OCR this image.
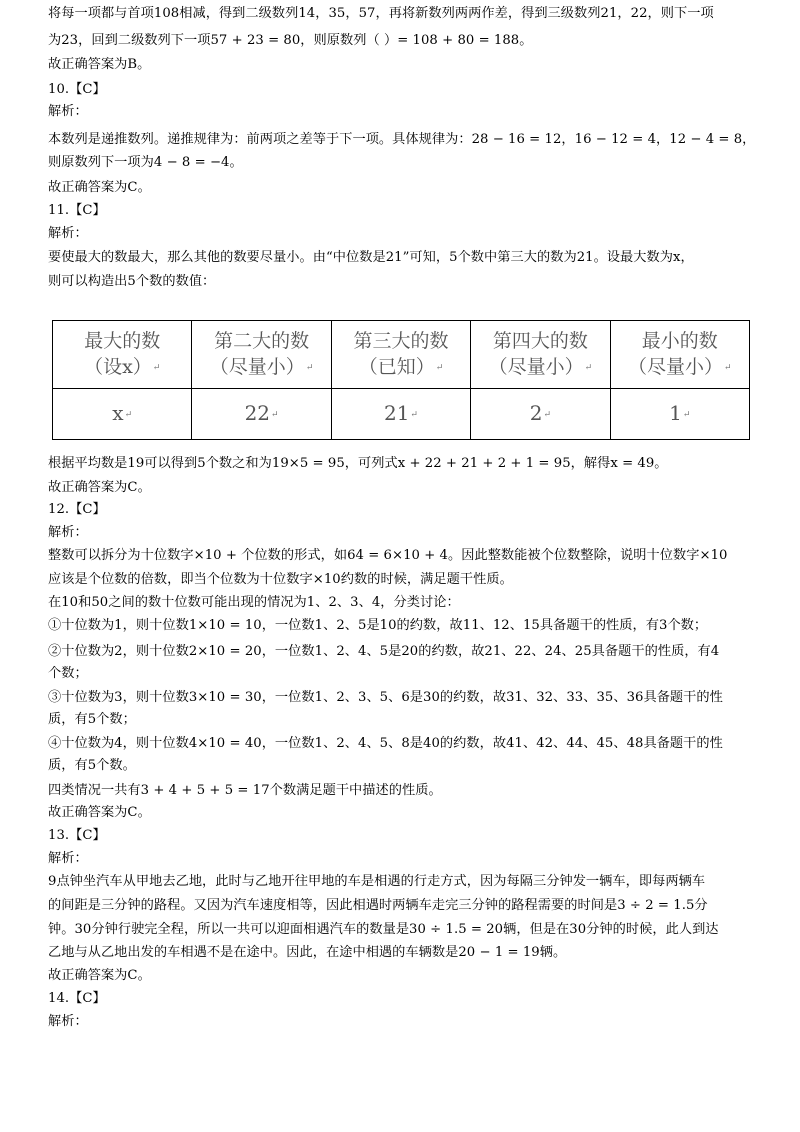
将每一项都与首项108相减，得到二级数列14，35，57，再将新数列两两作差，得到三级数列21，22，则下一项
为23，回到二级数列下一项57 + 23 = 80，则原数列（ ）= 108 + 80 = 188。
故正确答案为B。
10.【C】
解析：
本数列是递推数列。递推规律为：前两项之差等于下一项。具体规律为：28 − 16 = 12，16 − 12 = 4，12 − 4 = 8，
则原数列下一项为4 − 8 = −4。
故正确答案为C。
11.【C】
解析：
要使最大的数最大，那么其他的数要尽量小。由“中位数是21”可知，5个数中第三大的数为21。设最大数为x，
则可以构造出5个数的数值：
最大的数
（设x）↵	第二大的数
（尽量小）↵	第三大的数
（已知）↵	第四大的数
（尽量小）↵	最小的数
（尽量小）↵
x↵	22↵	21↵	2↵	1↵
根据平均数是19可以得到5个数之和为19×5 = 95，可列式x + 22 + 21 + 2 + 1 = 95，解得x = 49。
故正确答案为C。
12.【C】
解析：
整数可以拆分为十位数字×10 + 个位数的形式，如64 = 6×10 + 4。因此整数能被个位数整除，说明十位数字×10
应该是个位数的倍数，即当个位数为十位数字×10约数的时候，满足题干性质。
在10和50之间的数十位数可能出现的情况为1、2、3、4，分类讨论：
①十位数为1，则十位数1×10 = 10，一位数1、2、5是10的约数，故11、12、15具备题干的性质，有3个数；
②十位数为2，则十位数2×10 = 20，一位数1、2、4、5是20的约数，故21、22、24、25具备题干的性质，有4
个数；
③十位数为3，则十位数3×10 = 30，一位数1、2、3、5、6是30的约数，故31、32、33、35、36具备题干的性
质，有5个数；
④十位数为4，则十位数4×10 = 40，一位数1、2、4、5、8是40的约数，故41、42、44、45、48具备题干的性
质，有5个数。
四类情况一共有3 + 4 + 5 + 5 = 17个数满足题干中描述的性质。
故正确答案为C。
13.【C】
解析：
9点钟坐汽车从甲地去乙地，此时与乙地开往甲地的车是相遇的行走方式，因为每隔三分钟发一辆车，即每两辆车
的间距是三分钟的路程。又因为汽车速度相等，因此相遇时两辆车走完三分钟的路程需要的时间是3 ÷ 2 = 1.5分
钟。30分钟行驶完全程，所以一共可以迎面相遇汽车的数量是30 ÷ 1.5 = 20辆，但是在30分钟的时候，此人到达
乙地与从乙地出发的车相遇不是在途中。因此，在途中相遇的车辆数是20 − 1 = 19辆。
故正确答案为C。
14.【C】
解析：
